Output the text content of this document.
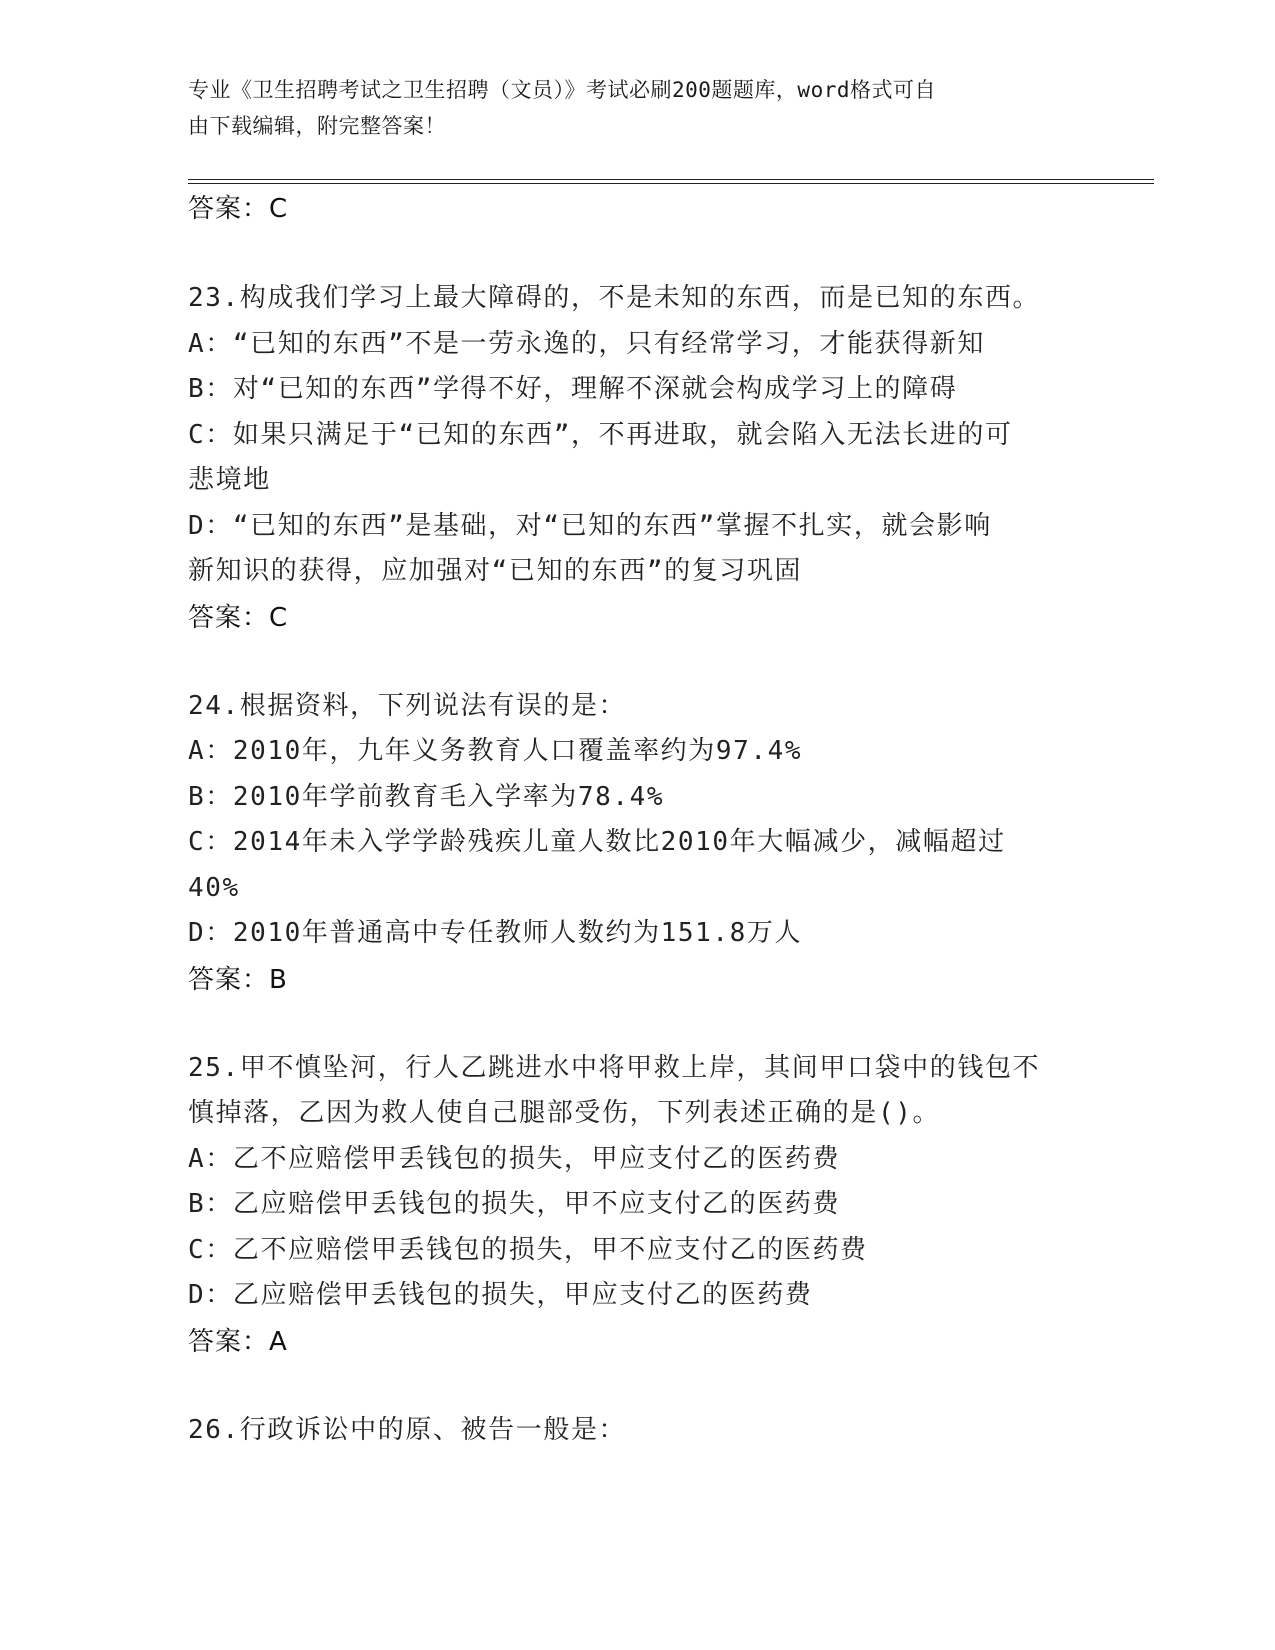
专业《卫生招聘考试之卫生招聘（文员）》考试必刷200题题库，word格式可自
由下载编辑，附完整答案！
答案：C
23.构成我们学习上最大障碍的，不是未知的东西，而是已知的东西。
A：“已知的东西”不是一劳永逸的，只有经常学习，才能获得新知
B：对“已知的东西”学得不好，理解不深就会构成学习上的障碍
C：如果只满足于“已知的东西”，不再进取，就会陷入无法长进的可
悲境地
D：“已知的东西”是基础，对“已知的东西”掌握不扎实，就会影响
新知识的获得，应加强对“已知的东西”的复习巩固
答案：C
24.根据资料，下列说法有误的是：
A：2010年，九年义务教育人口覆盖率约为97.4%
B：2010年学前教育毛入学率为78.4%
C：2014年未入学学龄残疾儿童人数比2010年大幅减少，减幅超过
40%
D：2010年普通高中专任教师人数约为151.8万人
答案：B
25.甲不慎坠河，行人乙跳进水中将甲救上岸，其间甲口袋中的钱包不
慎掉落，乙因为救人使自己腿部受伤，下列表述正确的是()。
A：乙不应赔偿甲丢钱包的损失，甲应支付乙的医药费
B：乙应赔偿甲丢钱包的损失，甲不应支付乙的医药费
C：乙不应赔偿甲丢钱包的损失，甲不应支付乙的医药费
D：乙应赔偿甲丢钱包的损失，甲应支付乙的医药费
答案：A
26.行政诉讼中的原、被告一般是：
